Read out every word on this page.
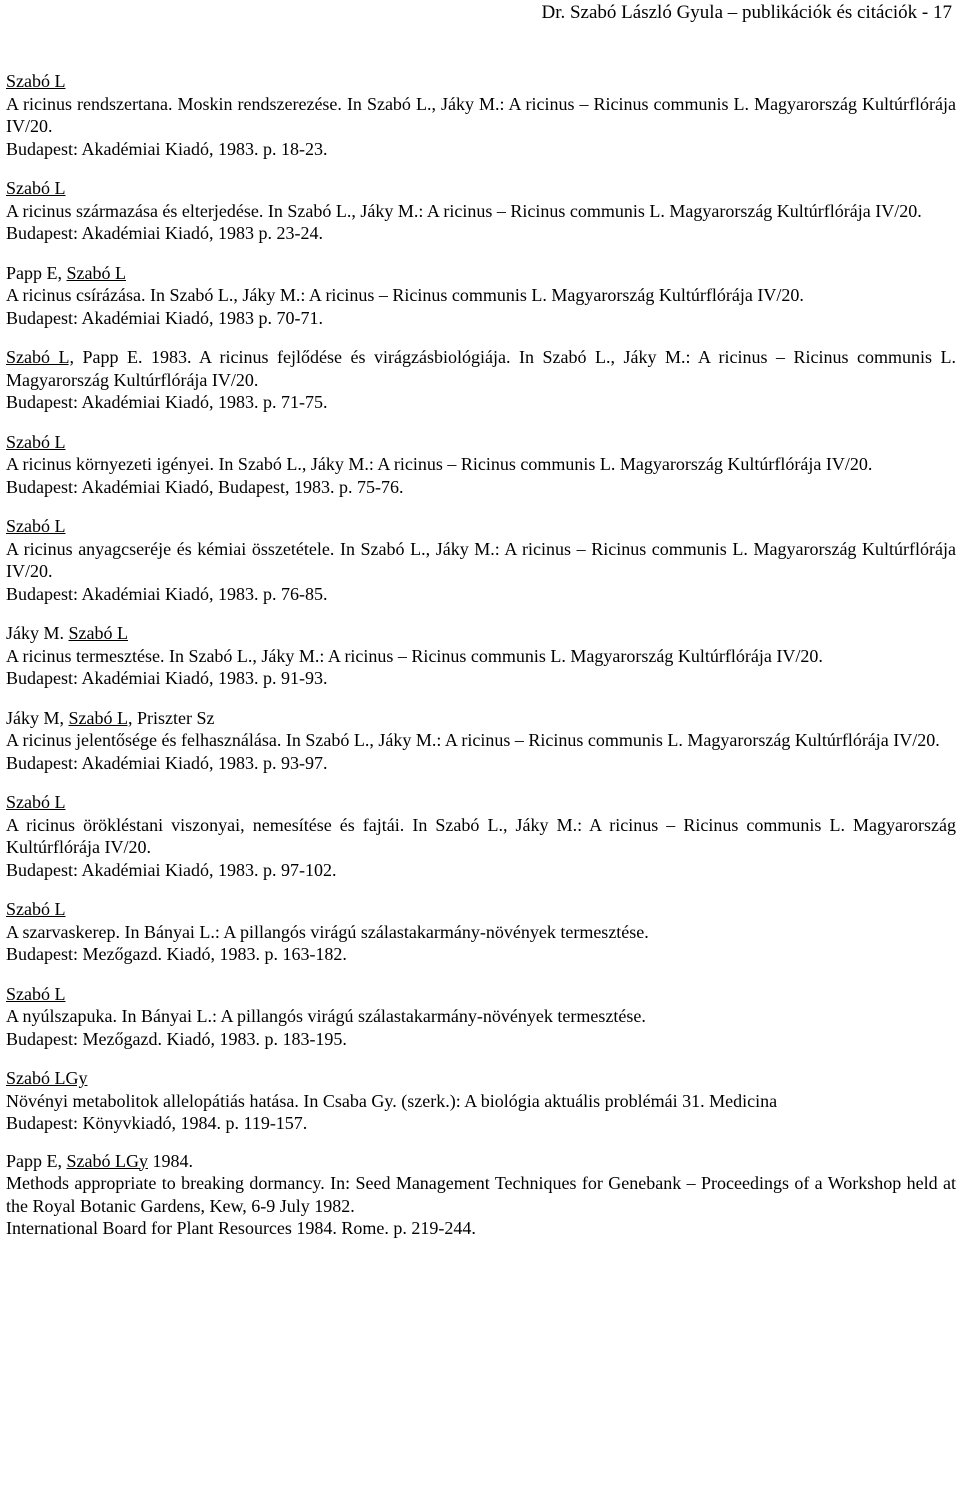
Dr. Szabó László Gyula – publikációk és citációk - 17
Szabó L
A ricinus rendszertana. Moskin rendszerezése. In Szabó L., Jáky M.: A ricinus – Ricinus communis L. Magyarország Kultúrflórája IV/20.
Budapest: Akadémiai Kiadó, 1983. p. 18-23.
Szabó L
A ricinus származása és elterjedése. In Szabó L., Jáky M.: A ricinus – Ricinus communis L. Magyarország Kultúrflórája IV/20.
Budapest: Akadémiai Kiadó, 1983 p. 23-24.
Papp E, Szabó L
A ricinus csírázása. In Szabó L., Jáky M.: A ricinus – Ricinus communis L. Magyarország Kultúrflórája IV/20.
Budapest: Akadémiai Kiadó, 1983 p. 70-71.
Szabó L, Papp E. 1983. A ricinus fejlődése és virágzásbiológiája. In Szabó L., Jáky M.: A ricinus – Ricinus communis L. Magyarország Kultúrflórája IV/20.
Budapest: Akadémiai Kiadó, 1983. p. 71-75.
Szabó L
A ricinus környezeti igényei. In Szabó L., Jáky M.: A ricinus – Ricinus communis L. Magyarország Kultúrflórája IV/20.
Budapest: Akadémiai Kiadó, Budapest, 1983. p. 75-76.
Szabó L
A ricinus anyagcseréje és kémiai összetétele. In Szabó L., Jáky M.: A ricinus – Ricinus communis L. Magyarország Kultúrflórája IV/20.
Budapest: Akadémiai Kiadó, 1983. p. 76-85.
Jáky M. Szabó L
A ricinus termesztése. In Szabó L., Jáky M.: A ricinus – Ricinus communis L. Magyarország Kultúrflórája IV/20.
Budapest: Akadémiai Kiadó, 1983. p. 91-93.
Jáky M, Szabó L, Priszter Sz
A ricinus jelentősége és felhasználása. In Szabó L., Jáky M.: A ricinus – Ricinus communis L. Magyarország Kultúrflórája IV/20.
Budapest: Akadémiai Kiadó, 1983. p. 93-97.
Szabó L
A ricinus örökléstani viszonyai, nemesítése és fajtái. In Szabó L., Jáky M.: A ricinus – Ricinus communis L. Magyarország Kultúrflórája IV/20.
Budapest: Akadémiai Kiadó, 1983. p. 97-102.
Szabó L
A szarvaskerep. In Bányai L.: A pillangós virágú szálastakarmány-növények termesztése.
Budapest: Mezőgazd. Kiadó, 1983. p. 163-182.
Szabó L
A nyúlszapuka. In Bányai L.: A pillangós virágú szálastakarmány-növények termesztése.
Budapest: Mezőgazd. Kiadó, 1983. p. 183-195.
Szabó LGy
Növényi metabolitok allelopátiás hatása. In Csaba Gy. (szerk.): A biológia aktuális problémái 31. Medicina
Budapest: Könyvkiadó, 1984. p. 119-157.
Papp E, Szabó LGy 1984.
Methods appropriate to breaking dormancy. In: Seed Management Techniques for Genebank – Proceedings of a Workshop held at the Royal Botanic Gardens, Kew, 6-9 July 1982.
International Board for Plant Resources 1984. Rome. p. 219-244.
